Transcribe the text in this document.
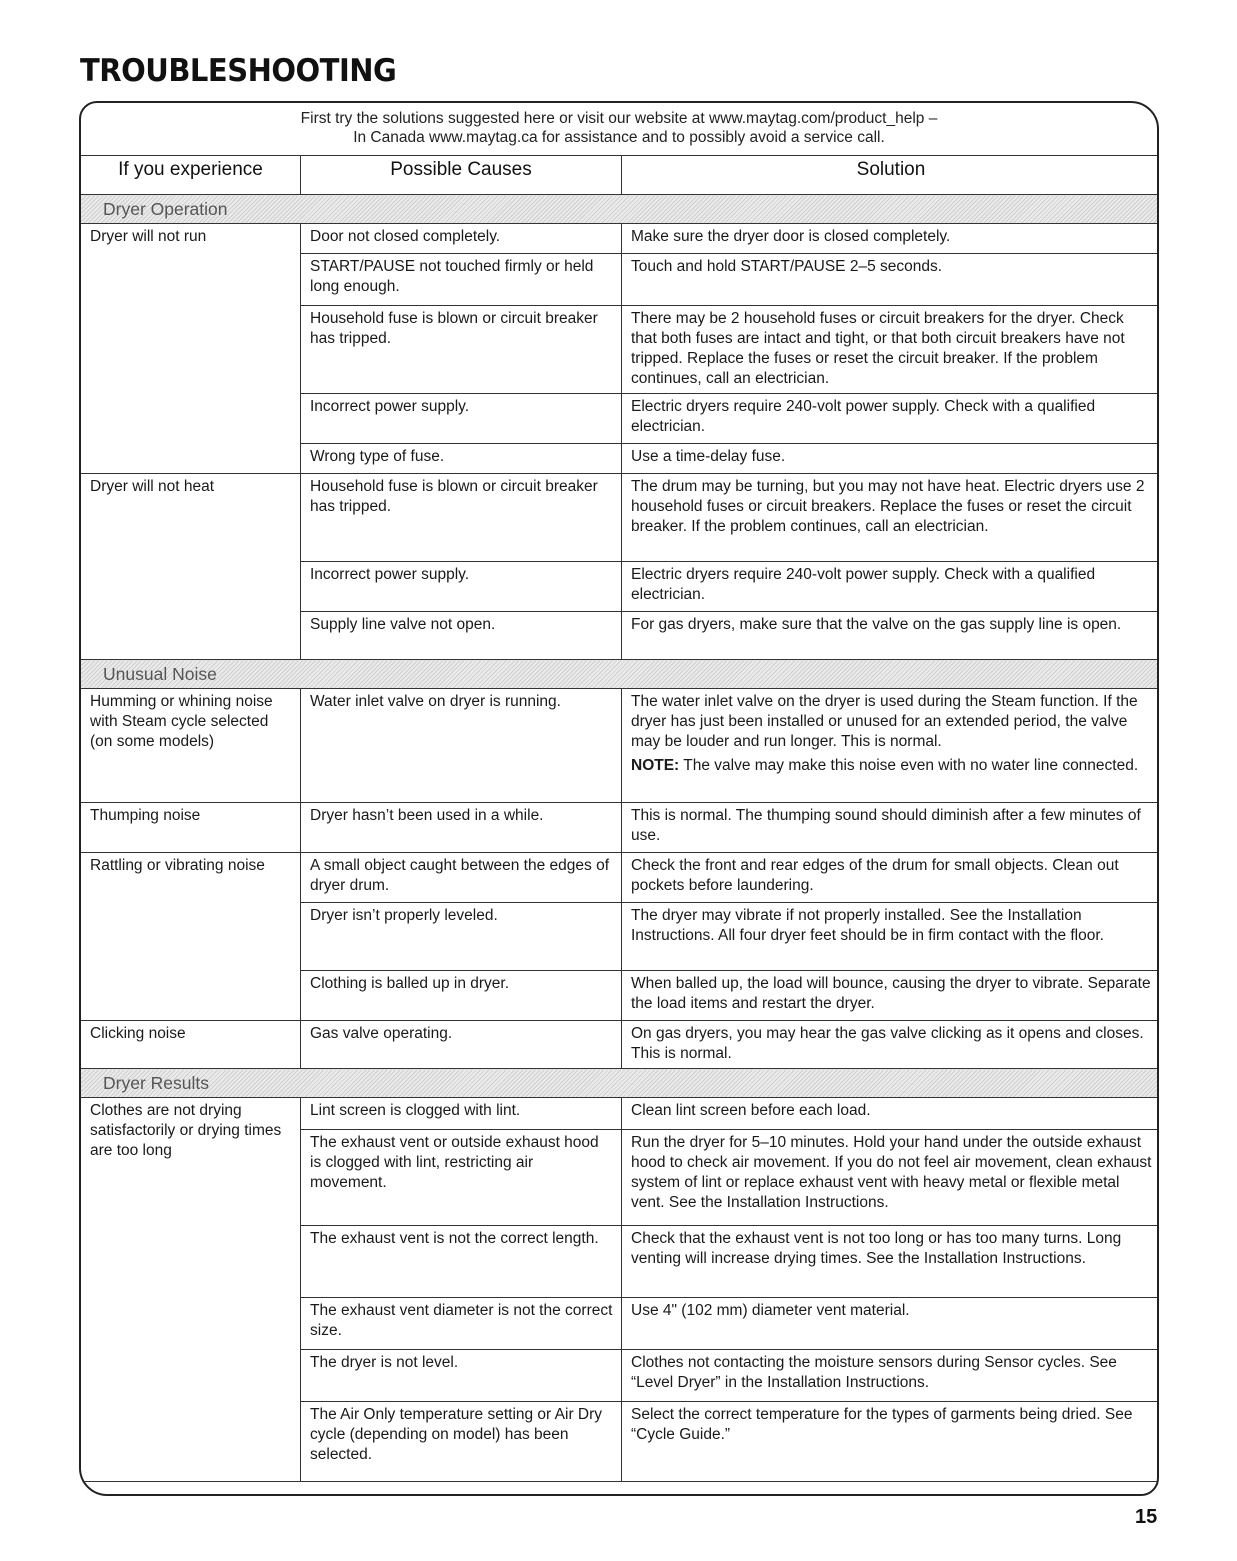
TROUBLESHOOTING
First try the solutions suggested here or visit our website at www.maytag.com/product_help –
In Canada www.maytag.ca for assistance and to possibly avoid a service call.
If you experience	Possible Causes	Solution
Dryer Operation		
Dryer will not run	Door not closed completely.	Make sure the dryer door is closed completely.
	START/PAUSE not touched firmly or held long enough.	Touch and hold START/PAUSE 2–5 seconds.
	Household fuse is blown or circuit breaker has tripped.	There may be 2 household fuses or circuit breakers for the dryer. Check that both fuses are intact and tight, or that both circuit breakers have not tripped. Replace the fuses or reset the circuit breaker. If the problem continues, call an electrician.
	Incorrect power supply.	Electric dryers require 240-volt power supply. Check with a qualified electrician.
	Wrong type of fuse.	Use a time-delay fuse.
Dryer will not heat	Household fuse is blown or circuit breaker has tripped.	The drum may be turning, but you may not have heat. Electric dryers use 2 household fuses or circuit breakers. Replace the fuses or reset the circuit breaker. If the problem continues, call an electrician.
	Incorrect power supply.	Electric dryers require 240-volt power supply. Check with a qualified electrician.
	Supply line valve not open.	For gas dryers, make sure that the valve on the gas supply line is open.
Unusual Noise		
Humming or whining noise with Steam cycle selected (on some models)	Water inlet valve on dryer is running.	The water inlet valve on the dryer is used during the Steam function. If the dryer has just been installed or unused for an extended period, the valve may be louder and run longer. This is normal.
NOTE: The valve may make this noise even with no water line connected.

Thumping noise	Dryer hasn’t been used in a while.	This is normal. The thumping sound should diminish after a few minutes of use.
Rattling or vibrating noise	A small object caught between the edges of dryer drum.	Check the front and rear edges of the drum for small objects. Clean out pockets before laundering.
	Dryer isn’t properly leveled.	The dryer may vibrate if not properly installed. See the Installation Instructions. All four dryer feet should be in firm contact with the floor.
	Clothing is balled up in dryer.	When balled up, the load will bounce, causing the dryer to vibrate. Separate the load items and restart the dryer.
Clicking noise	Gas valve operating.	On gas dryers, you may hear the gas valve clicking as it opens and closes. This is normal.
Dryer Results		
Clothes are not drying satisfactorily or drying times are too long	Lint screen is clogged with lint.	Clean lint screen before each load.
	The exhaust vent or outside exhaust hood is clogged with lint, restricting air movement.	Run the dryer for 5–10 minutes. Hold your hand under the outside exhaust hood to check air movement. If you do not feel air movement, clean exhaust system of lint or replace exhaust vent with heavy metal or flexible metal vent. See the Installation Instructions.
	The exhaust vent is not the correct length.	Check that the exhaust vent is not too long or has too many turns. Long venting will increase drying times. See the Installation Instructions.
	The exhaust vent diameter is not the correct size.	Use 4" (102 mm) diameter vent material.
	The dryer is not level.	Clothes not contacting the moisture sensors during Sensor cycles. See “Level Dryer” in the Installation Instructions.
	The Air Only temperature setting or Air Dry cycle (depending on model) has been selected.	Select the correct temperature for the types of garments being dried. See “Cycle Guide.”
15
